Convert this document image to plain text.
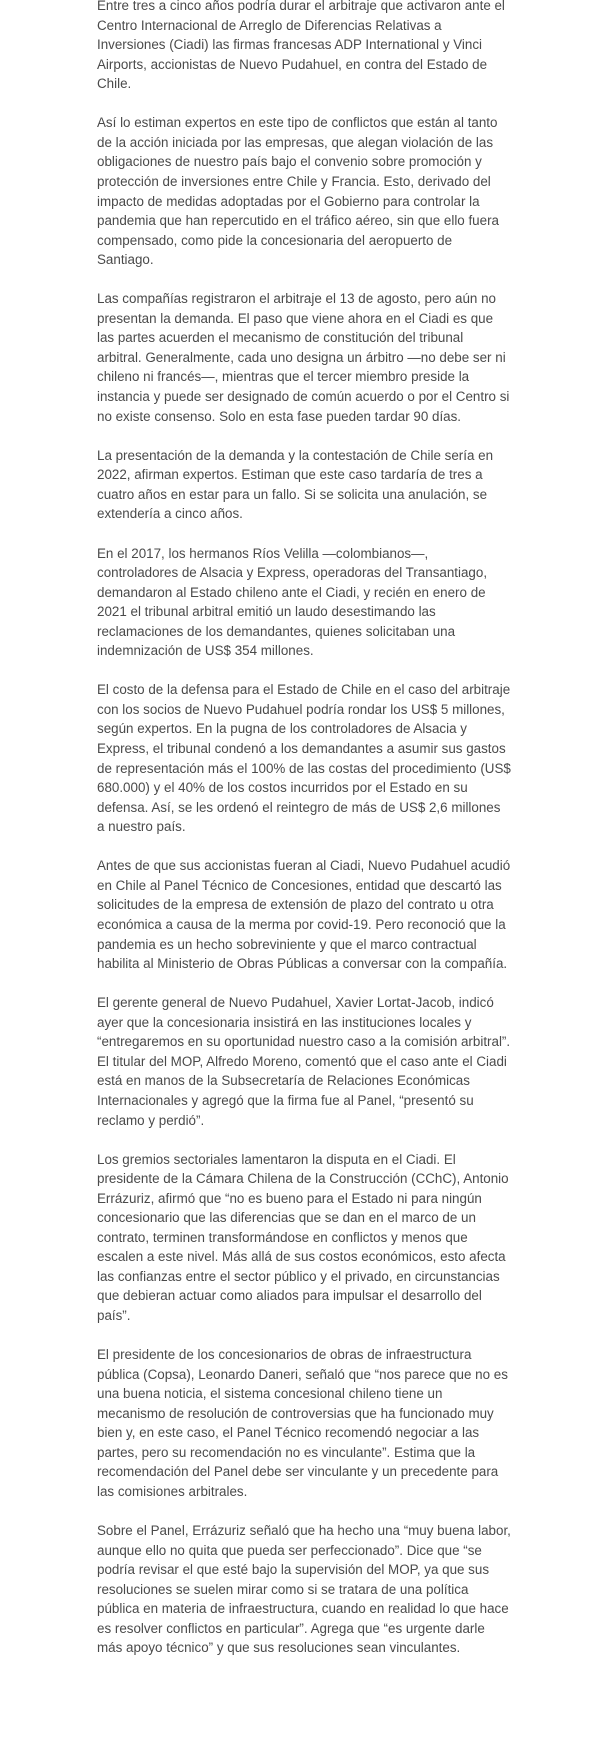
Entre tres a cinco años podría durar el arbitraje que activaron ante el Centro Internacional de Arreglo de Diferencias Relativas a Inversiones (Ciadi) las firmas francesas ADP International y Vinci Airports, accionistas de Nuevo Pudahuel, en contra del Estado de Chile.

Así lo estiman expertos en este tipo de conflictos que están al tanto de la acción iniciada por las empresas, que alegan violación de las obligaciones de nuestro país bajo el convenio sobre promoción y protección de inversiones entre Chile y Francia. Esto, derivado del impacto de medidas adoptadas por el Gobierno para controlar la pandemia que han repercutido en el tráfico aéreo, sin que ello fuera compensado, como pide la concesionaria del aeropuerto de Santiago.

Las compañías registraron el arbitraje el 13 de agosto, pero aún no presentan la demanda. El paso que viene ahora en el Ciadi es que las partes acuerden el mecanismo de constitución del tribunal arbitral. Generalmente, cada uno designa un árbitro —no debe ser ni chileno ni francés—, mientras que el tercer miembro preside la instancia y puede ser designado de común acuerdo o por el Centro si no existe consenso. Solo en esta fase pueden tardar 90 días.

La presentación de la demanda y la contestación de Chile sería en 2022, afirman expertos. Estiman que este caso tardaría de tres a cuatro años en estar para un fallo. Si se solicita una anulación, se extendería a cinco años.

En el 2017, los hermanos Ríos Velilla —colombianos—, controladores de Alsacia y Express, operadoras del Transantiago, demandaron al Estado chileno ante el Ciadi, y recién en enero de 2021 el tribunal arbitral emitió un laudo desestimando las reclamaciones de los demandantes, quienes solicitaban una indemnización de US$ 354 millones.

El costo de la defensa para el Estado de Chile en el caso del arbitraje con los socios de Nuevo Pudahuel podría rondar los US$ 5 millones, según expertos. En la pugna de los controladores de Alsacia y Express, el tribunal condenó a los demandantes a asumir sus gastos de representación más el 100% de las costas del procedimiento (US$ 680.000) y el 40% de los costos incurridos por el Estado en su defensa. Así, se les ordenó el reintegro de más de US$ 2,6 millones a nuestro país.

Antes de que sus accionistas fueran al Ciadi, Nuevo Pudahuel acudió en Chile al Panel Técnico de Concesiones, entidad que descartó las solicitudes de la empresa de extensión de plazo del contrato u otra económica a causa de la merma por covid-19. Pero reconoció que la pandemia es un hecho sobreviniente y que el marco contractual habilita al Ministerio de Obras Públicas a conversar con la compañía.

El gerente general de Nuevo Pudahuel, Xavier Lortat-Jacob, indicó ayer que la concesionaria insistirá en las instituciones locales y “entregaremos en su oportunidad nuestro caso a la comisión arbitral”. El titular del MOP, Alfredo Moreno, comentó que el caso ante el Ciadi está en manos de la Subsecretaría de Relaciones Económicas Internacionales y agregó que la firma fue al Panel, “presentó su reclamo y perdió”.

Los gremios sectoriales lamentaron la disputa en el Ciadi. El presidente de la Cámara Chilena de la Construcción (CChC), Antonio Errázuriz, afirmó que “no es bueno para el Estado ni para ningún concesionario que las diferencias que se dan en el marco de un contrato, terminen transformándose en conflictos y menos que escalen a este nivel. Más allá de sus costos económicos, esto afecta las confianzas entre el sector público y el privado, en circunstancias que debieran actuar como aliados para impulsar el desarrollo del país”.

El presidente de los concesionarios de obras de infraestructura pública (Copsa), Leonardo Daneri, señaló que “nos parece que no es una buena noticia, el sistema concesional chileno tiene un mecanismo de resolución de controversias que ha funcionado muy bien y, en este caso, el Panel Técnico recomendó negociar a las partes, pero su recomendación no es vinculante”. Estima que la recomendación del Panel debe ser vinculante y un precedente para las comisiones arbitrales.

Sobre el Panel, Errázuriz señaló que ha hecho una “muy buena labor, aunque ello no quita que pueda ser perfeccionado”. Dice que “se podría revisar el que esté bajo la supervisión del MOP, ya que sus resoluciones se suelen mirar como si se tratara de una política pública en materia de infraestructura, cuando en realidad lo que hace es resolver conflictos en particular”. Agrega que “es urgente darle más apoyo técnico” y que sus resoluciones sean vinculantes.
